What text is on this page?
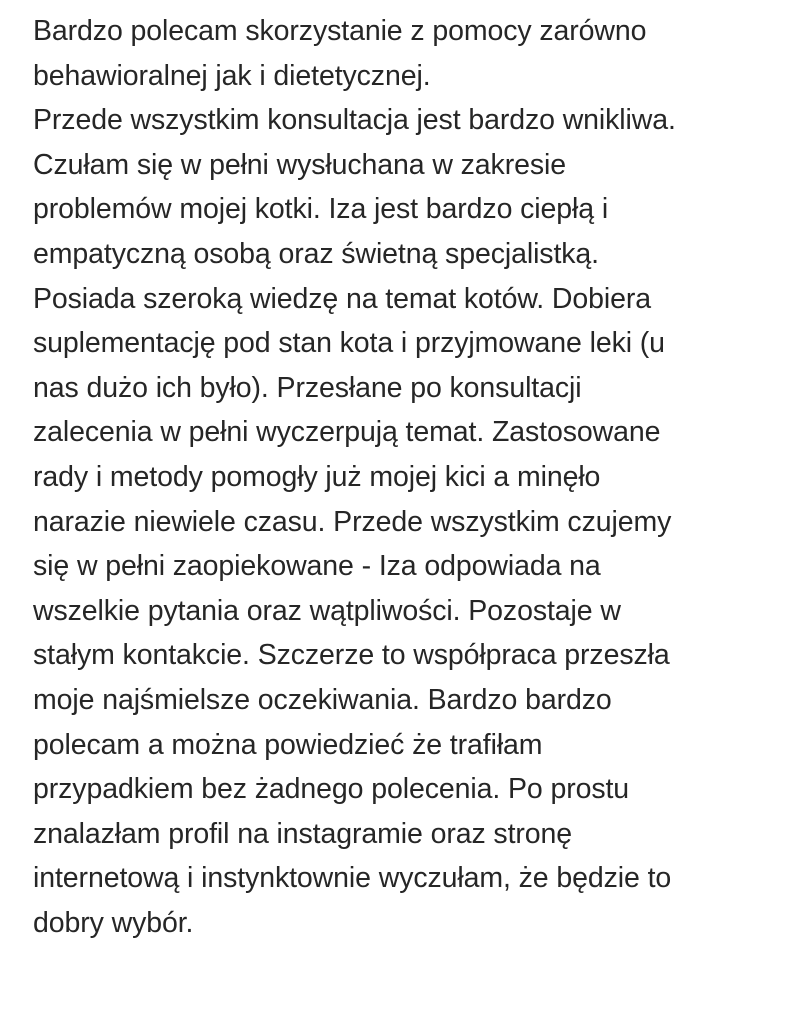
Bardzo polecam skorzystanie z pomocy zarówno
behawioralnej jak i dietetycznej.
Przede wszystkim konsultacja jest bardzo wnikliwa.
Czułam się w pełni wysłuchana w zakresie
problemów mojej kotki. Iza jest bardzo ciepłą i
empatyczną osobą oraz świetną specjalistką.
Posiada szeroką wiedzę na temat kotów. Dobiera
suplementację pod stan kota i przyjmowane leki (u
nas dużo ich było). Przesłane po konsultacji
zalecenia w pełni wyczerpują temat. Zastosowane
rady i metody pomogły już mojej kici a minęło
narazie niewiele czasu. Przede wszystkim czujemy
się w pełni zaopiekowane - Iza odpowiada na
wszelkie pytania oraz wątpliwości. Pozostaje w
stałym kontakcie. Szczerze to współpraca przeszła
moje najśmielsze oczekiwania. Bardzo bardzo
polecam a można powiedzieć że trafiłam
przypadkiem bez żadnego polecenia. Po prostu
znalazłam profil na instagramie oraz stronę
internetową i instynktownie wyczułam, że będzie to
dobry wybór.
